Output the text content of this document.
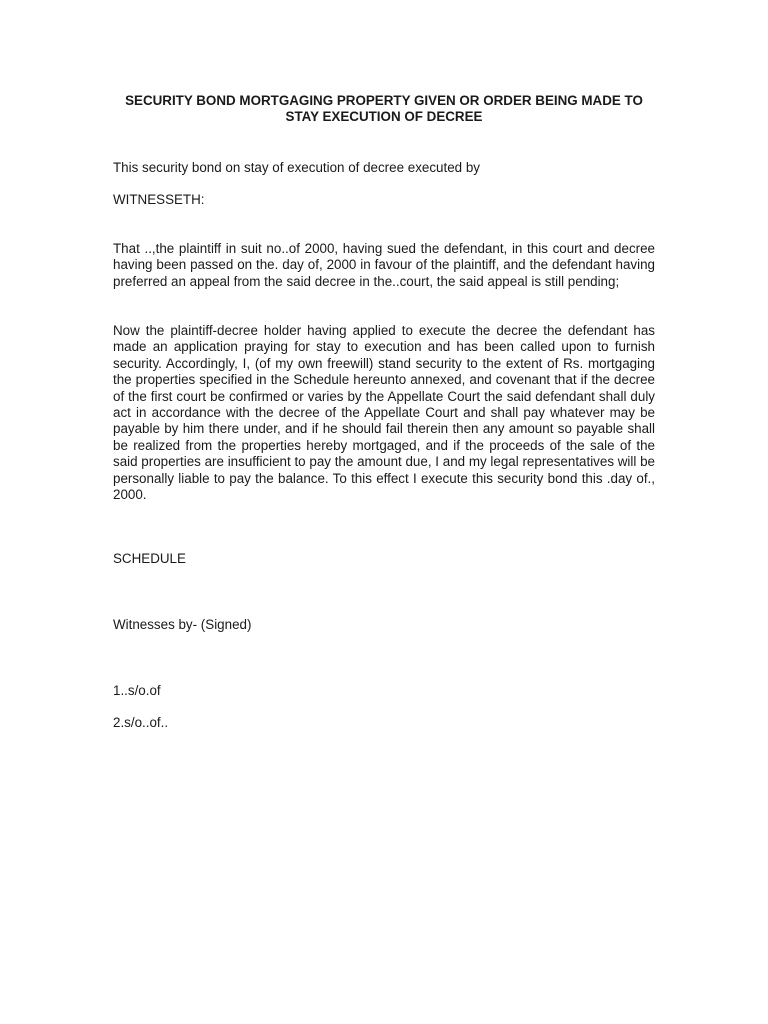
SECURITY BOND MORTGAGING PROPERTY GIVEN OR ORDER BEING MADE TO STAY EXECUTION OF DECREE
This security bond on stay of execution of decree executed by
WITNESSETH:
That ..,the plaintiff in suit no..of 2000, having sued the defendant, in this court and decree having been passed on the. day of, 2000 in favour of the plaintiff, and the defendant having preferred an appeal from the said decree in the..court, the said appeal is still pending;
Now the plaintiff-decree holder having applied to execute the decree the defendant has made an application praying for stay to execution and has been called upon to furnish security. Accordingly, I, (of my own freewill) stand security to the extent of Rs. mortgaging the properties specified in the Schedule hereunto annexed, and covenant that if the decree of the first court be confirmed or varies by the Appellate Court the said defendant shall duly act in accordance with the decree of the Appellate Court and shall pay whatever may be payable by him there under, and if he should fail therein then any amount so payable shall be realized from the properties hereby mortgaged, and if the proceeds of the sale of the said properties are insufficient to pay the amount due, I and my legal representatives will be personally liable to pay the balance. To this effect I execute this security bond this .day of., 2000.
SCHEDULE
Witnesses by- (Signed)
1..s/o.of
2.s/o..of..
